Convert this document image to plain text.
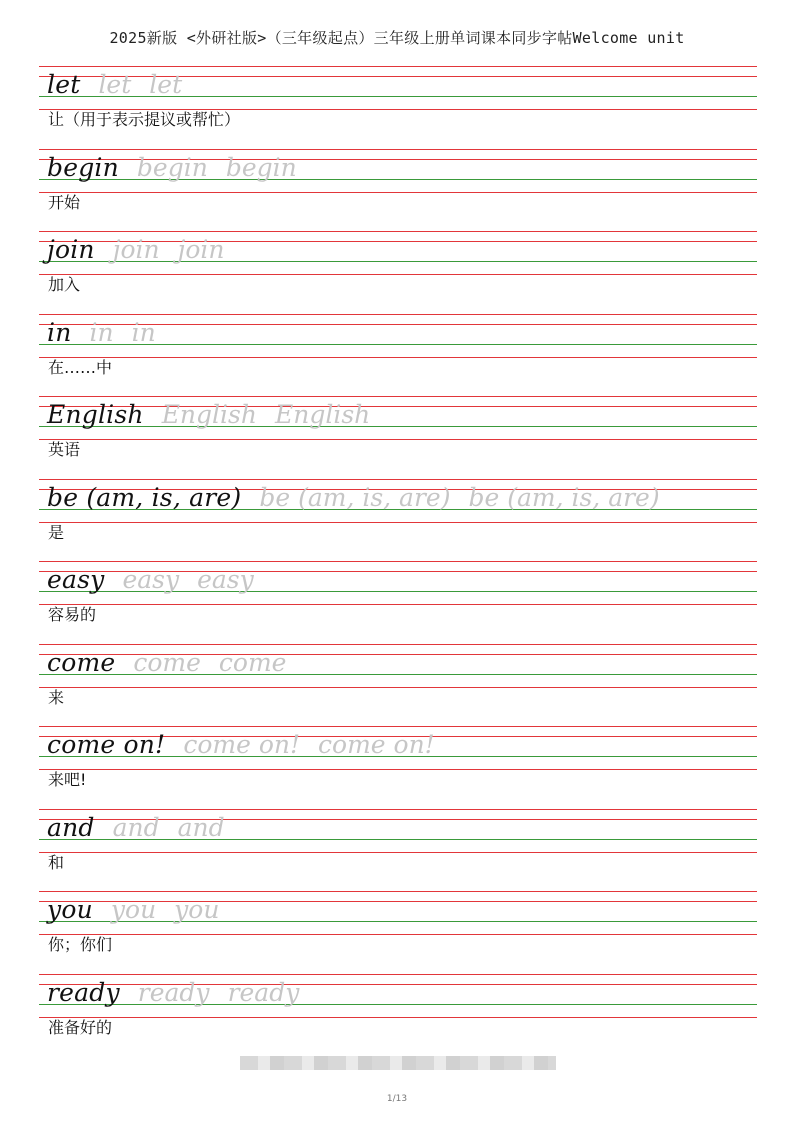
2025新版 <外研社版>（三年级起点）三年级上册单词课本同步字帖Welcome unit
let let let
让（用于表示提议或帮忙）
begin begin begin
开始
join join join
加入
in in in
在……中
English English English
英语
be (am, is, are) be (am, is, are) be (am, is, are)
是
easy easy easy
容易的
come come come
来
come on! come on! come on!
来吧!
and and and
和
you you you
你；你们
ready ready ready
准备好的
1/13
